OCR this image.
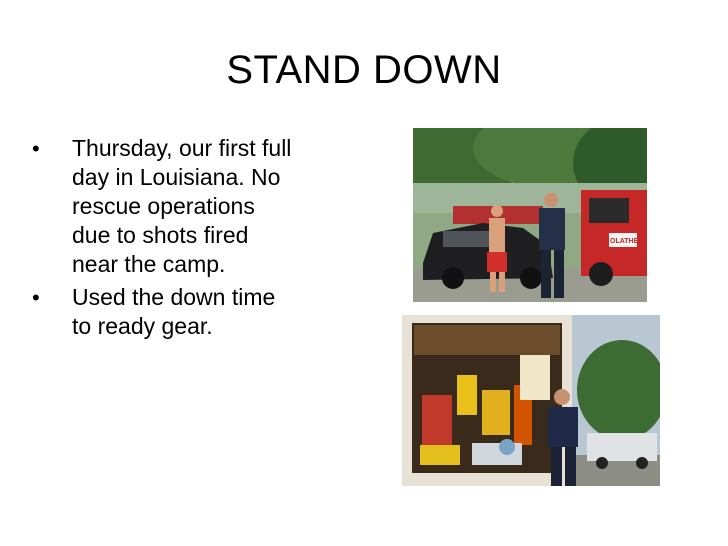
STAND DOWN
• Thursday, our first full
day in Louisiana. No
rescue operations
due to shots fired
near the camp.
• Used the down time
to ready gear.
OLATHE
